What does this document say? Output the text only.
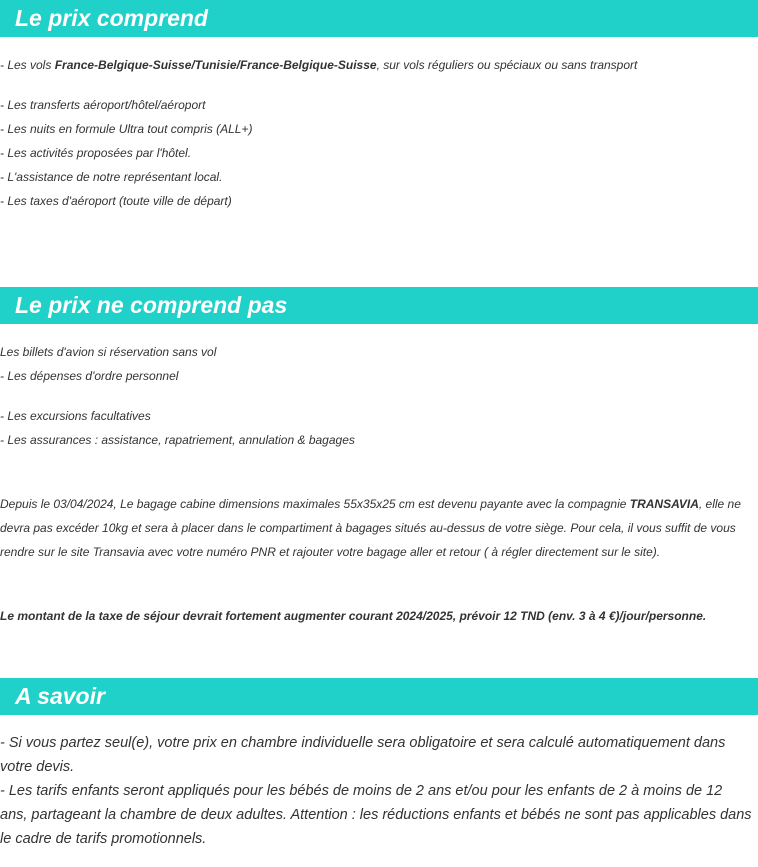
Le prix comprend

- Les vols France-Belgique-Suisse/Tunisie/France-Belgique-Suisse, sur vols réguliers ou spéciaux ou sans transport

- Les transferts aéroport/hôtel/aéroport

- Les nuits en formule Ultra tout compris (ALL+)

- Les activités proposées par l'hôtel.

- L'assistance de notre représentant local.

- Les taxes d'aéroport (toute ville de départ)

Le prix ne comprend pas

Les billets d'avion si réservation sans vol

- Les dépenses d'ordre personnel

- Les excursions facultatives

- Les assurances : assistance, rapatriement, annulation & bagages

Depuis le 03/04/2024, Le bagage cabine dimensions maximales 55x35x25 cm est devenu payante avec la compagnie TRANSAVIA, elle ne devra pas excéder 10kg et sera à placer dans le compartiment à bagages situés au-dessus de votre siège. Pour cela, il vous suffit de vous rendre sur le site Transavia avec votre numéro PNR et rajouter votre bagage aller et retour ( à régler directement sur le site).

Le montant de la taxe de séjour devrait fortement augmenter courant 2024/2025, prévoir 12 TND (env. 3 à 4 €)/jour/personne.

A savoir

- Si vous partez seul(e), votre prix en chambre individuelle sera obligatoire et sera calculé automatiquement dans votre devis.

- Les tarifs enfants seront appliqués pour les bébés de moins de 2 ans et/ou pour les enfants de 2 à moins de 12 ans, partageant la chambre de deux adultes. Attention : les réductions enfants et bébés ne sont pas applicables dans le cadre de tarifs promotionnels.
